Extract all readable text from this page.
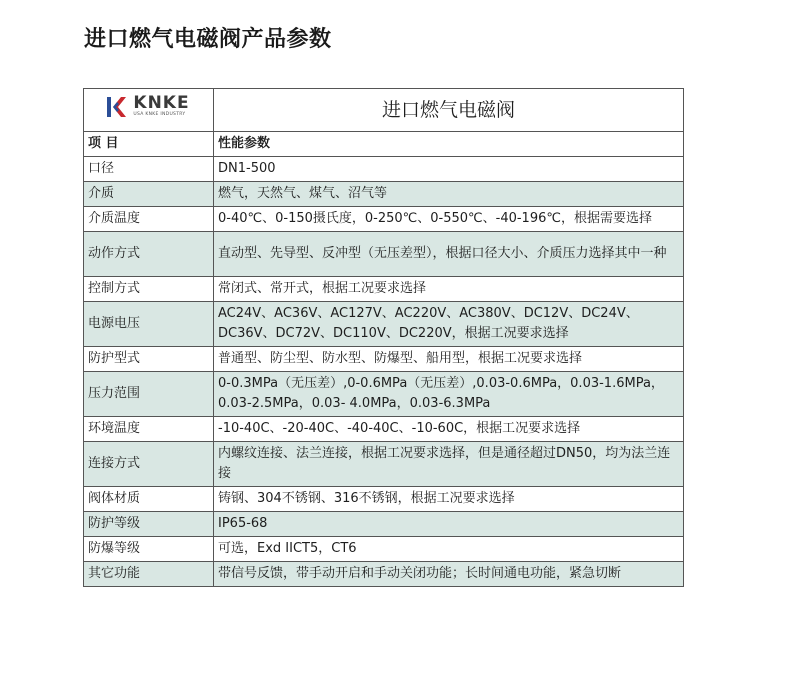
进口燃气电磁阀产品参数
KNKE
USA KNKE INDUSTRY	进口燃气电磁阀
项 目	性能参数
口径	DN1-500
介质	燃气，天然气、煤气、沼气等
介质温度	0-40℃、0-150摄氏度，0-250℃、0-550℃、-40-196℃，根据需要选择
动作方式	直动型、先导型、反冲型（无压差型），根据口径大小、介质压力选择其中一种
控制方式	常闭式、常开式，根据工况要求选择
电源电压	AC24V、AC36V、AC127V、AC220V、AC380V、DC12V、DC24V、DC36V、DC72V、DC110V、DC220V，根据工况要求选择
防护型式	普通型、防尘型、防水型、防爆型、船用型，根据工况要求选择
压力范围	0-0.3MPa（无压差）,0-0.6MPa（无压差）,0.03-0.6MPa，0.03-1.6MPa，0.03-2.5MPa，0.03- 4.0MPa，0.03-6.3MPa
环境温度	-10-40C、-20-40C、-40-40C、-10-60C，根据工况要求选择
连接方式	内螺纹连接、法兰连接，根据工况要求选择，但是通径超过DN50，均为法兰连接
阀体材质	铸钢、304不锈钢、316不锈钢，根据工况要求选择
防护等级	IP65-68
防爆等级	可选，Exd IICT5，CT6
其它功能	带信号反馈，带手动开启和手动关闭功能；长时间通电功能，紧急切断
